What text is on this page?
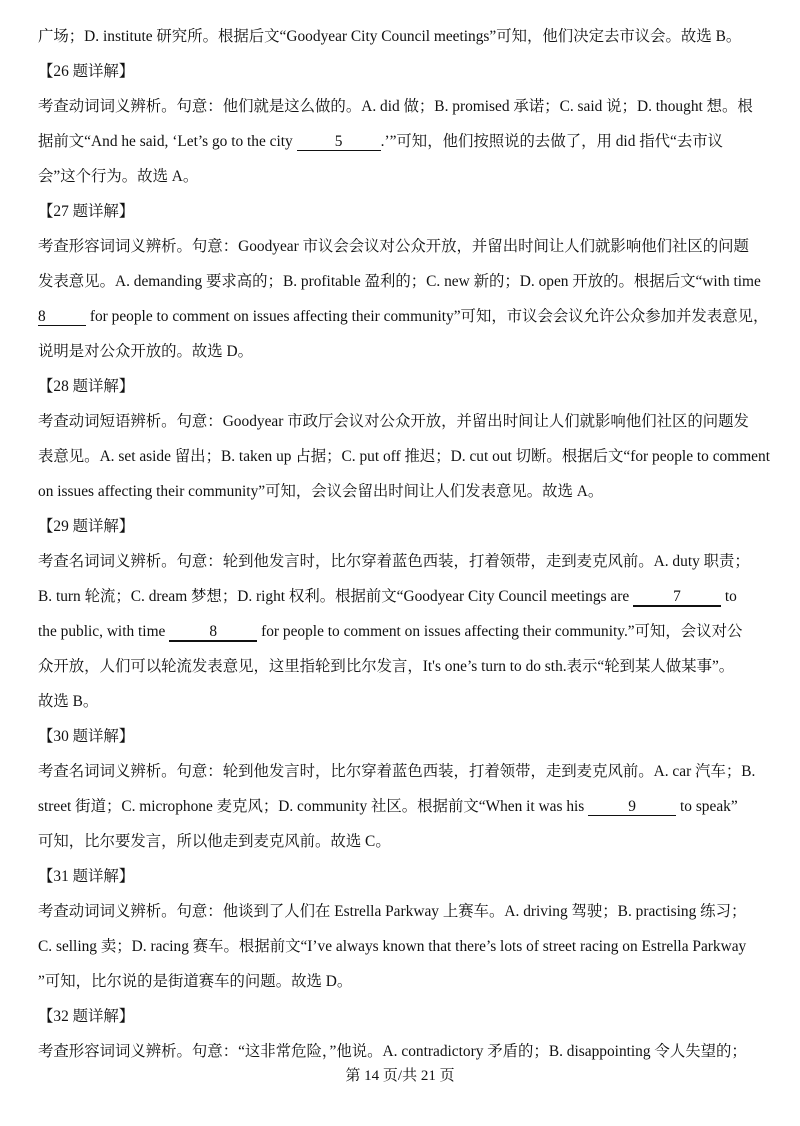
广场；D. institute 研究所。根据后文“Goodyear City Council meetings”可知，他们决定去市议会。故选 B。
【26 题详解】
考查动词词义辨析。句意：他们就是这么做的。A. did 做；B. promised 承诺；C. said 说；D. thought 想。根
据前文“And he said, ‘Let’s go to the city 5 .’”可知，他们按照说的去做了，用 did 指代“去市议
会”这个行为。故选 A。
【27 题详解】
考查形容词词义辨析。句意：Goodyear 市议会会议对公众开放，并留出时间让人们就影响他们社区的问题
发表意见。A. demanding 要求高的；B. profitable 盈利的；C. new 新的；D. open 开放的。根据后文“with time
8	for people to comment on issues affecting their community”可知，市议会会议允许公众参加并发表意见，
说明是对公众开放的。故选 D。
【28 题详解】
考查动词短语辨析。句意：Goodyear 市政厅会议对公众开放，并留出时间让人们就影响他们社区的问题发
表意见。A. set aside 留出；B. taken up 占据；C. put off 推迟；D. cut out 切断。根据后文“for people to comment
on issues affecting their community”可知，会议会留出时间让人们发表意见。故选 A。
【29 题详解】
考查名词词义辨析。句意：轮到他发言时，比尔穿着蓝色西装，打着领带，走到麦克风前。A. duty 职责；
B. turn 轮流；C. dream 梦想；D. right 权利。根据前文“Goodyear City Council meetings are	7	to
the public, with time	8	for people to comment on issues affecting their community.”可知，会议对公
众开放，人们可以轮流发表意见，这里指轮到比尔发言，It's one’s turn to do sth.表示“轮到某人做某事”。
故选 B。
【30 题详解】
考查名词词义辨析。句意：轮到他发言时，比尔穿着蓝色西装，打着领带，走到麦克风前。A. car 汽车；B.
street 街道；C. microphone 麦克风；D. community 社区。根据前文“When it was his	9	to speak”
可知，比尔要发言，所以他走到麦克风前。故选 C。
【31 题详解】
考查动词词义辨析。句意：他谈到了人们在 Estrella Parkway 上赛车。A. driving 驾驶；B. practising 练习；
C. selling 卖；D. racing 赛车。根据前文“I’ve always known that there’s lots of street racing on Estrella Parkway
”可知，比尔说的是街道赛车的问题。故选 D。
【32 题详解】
考查形容词词义辨析。句意：“这非常危险，”他说。A. contradictory 矛盾的；B. disappointing 令人失望的；
第 14 页/共 21 页
